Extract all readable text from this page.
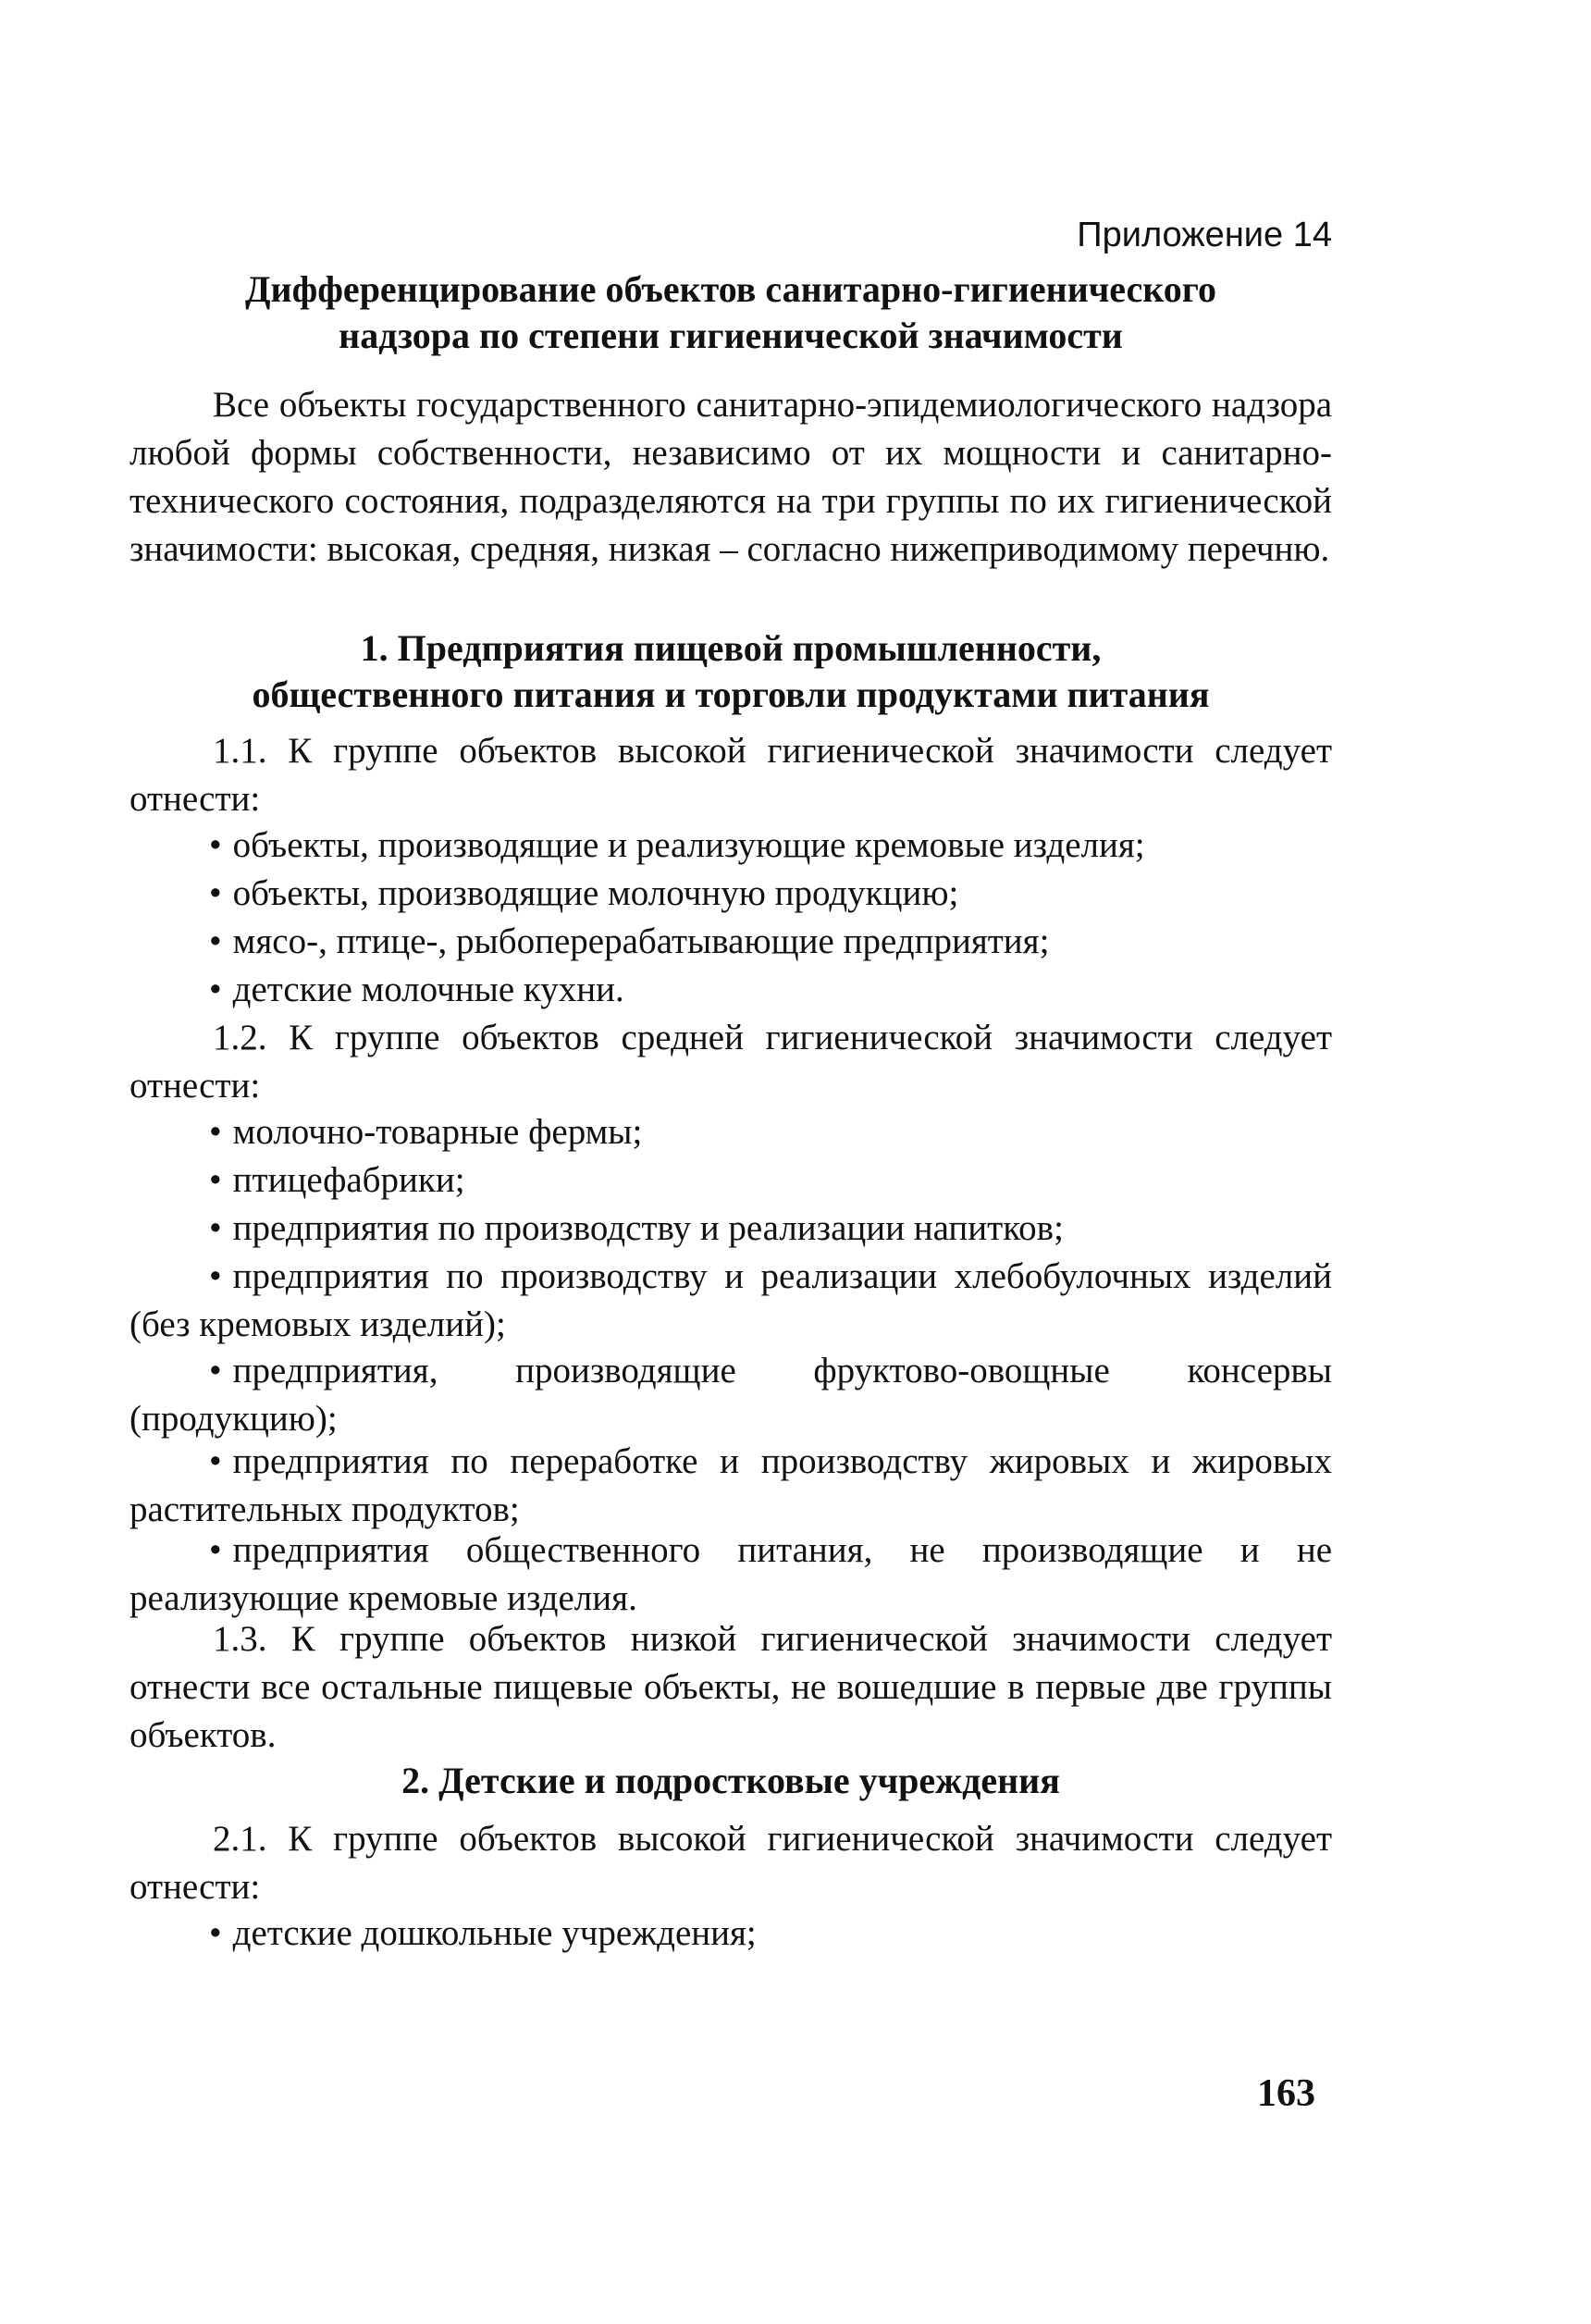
Приложение 14
Дифференцирование объектов санитарно-гигиенического
надзора по степени гигиенической значимости
Все объекты государственного санитарно-эпидемиологического надзора любой формы собственности, независимо от их мощности и санитарно-технического состояния, подразделяются на три группы по их гигиенической значимости: высокая, средняя, низкая – согласно нижеприводимому перечню.
1. Предприятия пищевой промышленности,
общественного питания и торговли продуктами питания
1.1. К группе объектов высокой гигиенической значимости следует отнести:
• объекты, производящие и реализующие кремовые изделия;
• объекты, производящие молочную продукцию;
• мясо-, птице-, рыбоперерабатывающие предприятия;
• детские молочные кухни.
1.2. К группе объектов средней гигиенической значимости следует отнести:
• молочно-товарные фермы;
• птицефабрики;
• предприятия по производству и реализации напитков;
• предприятия по производству и реализации хлебобулочных изделий (без кремовых изделий);
• предприятия, производящие фруктово-овощные консервы (продукцию);
• предприятия по переработке и производству жировых и жировых растительных продуктов;
• предприятия общественного питания, не производящие и не реализующие кремовые изделия.
1.3. К группе объектов низкой гигиенической значимости следует отнести все остальные пищевые объекты, не вошедшие в первые две группы объектов.
2. Детские и подростковые учреждения
2.1. К группе объектов высокой гигиенической значимости следует отнести:
• детские дошкольные учреждения;
163
